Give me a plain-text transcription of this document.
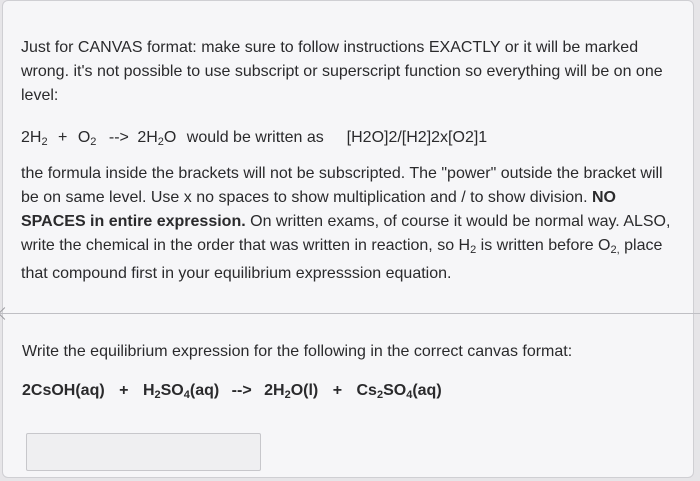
Just for CANVAS format: make sure to follow instructions EXACTLY or it will be marked wrong. it's not possible to use subscript or superscript function so everything will be on one level:

$2H_2 + O_2$ --> $2H_2O$ would be written as [H2O]2/[H2]2x[O2]1

the formula inside the brackets will not be subscripted. The "power" outside the bracket will be on same level. Use x no spaces to show multiplication and / to show division. NO SPACES in entire expression. On written exams, of course it would be normal way. ALSO, write the chemical in the order that was written in reaction, so $H_2$ is written before $O_{2,}$ place that compound first in your equilibrium expresssion equation.

Write the equilibrium expression for the following in the correct canvas format:
2CsOH(aq) + $H_2SO_4(aq)$ --> $2H_2O(l) + Cs_2SO_4(aq)$
